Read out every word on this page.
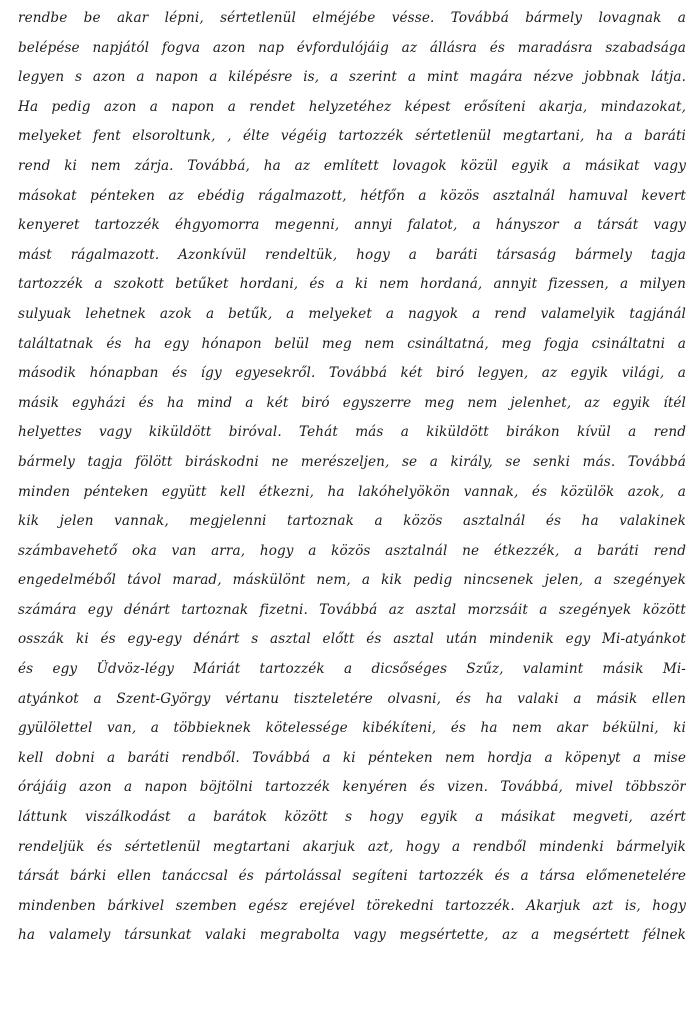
rendbe be akar lépni, sértetlenül elméjébe vésse. Továbbá bármely lovagnak a
belépése napjától fogva azon nap évfordulójáig az állásra és maradásra szabadsága
legyen s azon a napon a kilépésre is, a szerint a mint magára nézve jobbnak látja.
Ha pedig azon a napon a rendet helyzetéhez képest erősíteni akarja, mindazokat,
melyeket fent elsoroltunk, , élte végéig tartozzék sértetlenül megtartani, ha a baráti
rend ki nem zárja. Továbbá, ha az említett lovagok közül egyik a másikat vagy
másokat pénteken az ebédig rágalmazott, hétfőn a közös asztalnál hamuval kevert
kenyeret tartozzék éhgyomorra megenni, annyi falatot, a hányszor a társát vagy
mást rágalmazott. Azonkívül rendeltük, hogy a baráti társaság bármely tagja
tartozzék a szokott betűket hordani, és a ki nem hordaná, annyit fizessen, a milyen
sulyuak lehetnek azok a betűk, a melyeket a nagyok a rend valamelyik tagjánál
találtatnak és ha egy hónapon belül meg nem csináltatná, meg fogja csináltatni a
második hónapban és így egyesekről. Továbbá két biró legyen, az egyik világi, a
másik egyházi és ha mind a két biró egyszerre meg nem jelenhet, az egyik ítél
helyettes vagy kiküldött biróval. Tehát más a kiküldött birákon kívül a rend
bármely tagja fölött biráskodni ne merészeljen, se a király, se senki más. Továbbá
minden pénteken együtt kell étkezni, ha lakóhelyökön vannak, és közülök azok, a
kik jelen vannak, megjelenni tartoznak a közös asztalnál és ha valakinek
számbavehető oka van arra, hogy a közös asztalnál ne étkezzék, a baráti rend
engedelméből távol marad, máskülönt nem, a kik pedig nincsenek jelen, a szegények
számára egy dénárt tartoznak fizetni. Továbbá az asztal morzsáit a szegények között
osszák ki és egy-egy dénárt s asztal előtt és asztal után mindenik egy Mi-atyánkot
és egy Üdvöz-légy Máriát tartozzék a dicsőséges Szűz, valamint másik Mi-
atyánkot a Szent-György vértanu tiszteletére olvasni, és ha valaki a másik ellen
gyülölettel van, a többieknek kötelessége kibékíteni, és ha nem akar békülni, ki
kell dobni a baráti rendből. Továbbá a ki pénteken nem hordja a köpenyt a mise
órájáig azon a napon böjtölni tartozzék kenyéren és vizen. Továbbá, mivel többször
láttunk viszálkodást a barátok között s hogy egyik a másikat megveti, azért
rendeljük és sértetlenül megtartani akarjuk azt, hogy a rendből mindenki bármelyik
társát bárki ellen tanáccsal és pártolással segíteni tartozzék és a társa előmenetelére
mindenben bárkivel szemben egész erejével törekedni tartozzék. Akarjuk azt is, hogy
ha valamely társunkat valaki megrabolta vagy megsértette, az a megsértett félnek
